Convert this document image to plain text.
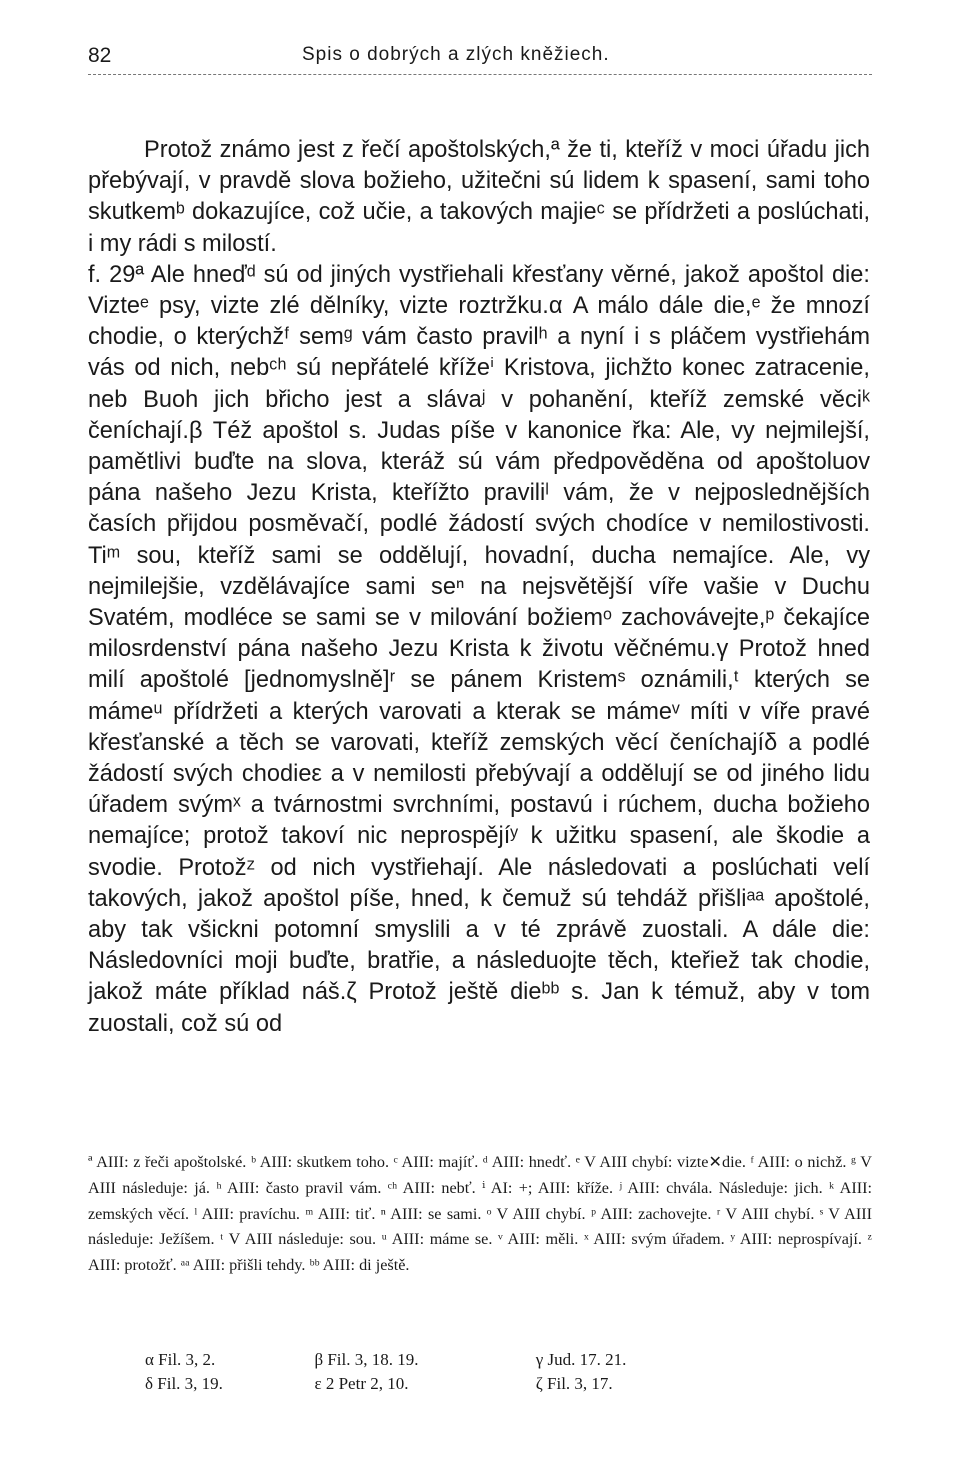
82	Spis o dobrých a zlých kněžiech.

Protož známo jest z řečí apoštolských,ª že ti, kteříž v moci úřadu jich přebývají, v pravdě slova božieho, užitečni sú lidem k spasení, sami toho skutkemᵇ dokazujíce, což učie, a takových majieᶜ se přídržeti a poslúchati, i my rádi s milostí.

f. 29ª Ale hneďᵈ sú od jiných vystřiehali křesťany věrné, jakož apoštol die: Vizteᵉ psy, vizte zlé dělníky, vizte roztržku.α A málo dále die,ᵉ že mnozí chodie, o kterýchžᶠ semᵍ vám často pravilʰ a nyní i s pláčem vystřiehám vás od nich, nebᶜʰ sú nepřátelé křížeⁱ Kristova, jichžto konec zatracenie, neb Buoh jich břicho jest a slávaʲ v pohanění, kteříž zemské věciᵏ čeníchají.β Též apoštol s. Judas píše v kanonice řka: Ale, vy nejmilejší, pamětlivi buďte na slova, kteráž sú vám předpověděna od apoštoluov pána našeho Jezu Krista, kteřížto praviliˡ vám, že v nejposlednějších časích přijdou posměvačí, podlé žádostí svých chodíce v nemilostivosti. Tiᵐ sou, kteříž sami se oddělují, hovadní, ducha nemajíce. Ale, vy nejmilejšie, vzdělávajíce sami seⁿ na nejsvětější víře vašie v Duchu Svatém, modléce se sami se v milování božiemᵒ zachovávejte,ᵖ čekajíce milosrdenství pána našeho Jezu Krista k životu věčnému.γ Protož hned milí apoštolé [jednomyslně]ʳ se pánem Kristemˢ oznámili,ᵗ kterých se mámeᵘ přídržeti a kterých varovati a kterak se mámeᵛ míti v víře pravé křesťanské a těch se varovati, kteříž zemských věcí čeníchajíδ a podlé žádostí svých chodieε a v nemilosti přebývají a oddělují se od jiného lidu úřadem svýmˣ a tvárnostmi svrchními, postavú i rúchem, ducha božieho nemajíce; protož takoví nic neprospějíʸ k užitku spasení, ale škodie a svodie. Protožᶻ od nich vystřiehají. Ale následovati a poslúchati velí takových, jakož apoštol píše, hned, k čemuž sú tehdáž přišliᵃᵃ apoštolé, aby tak všickni potomní smyslili a v té zprávě zuostali. A dále die: Následovníci moji buďte, bratřie, a následuojte těch, kteřiež tak chodie, jakož máte příklad náš.ζ Protož ještě dieᵇᵇ s. Jan k témuž, aby v tom zuostali, což sú od

ª AIII: z řeči apoštolské. ᵇ AIII: skutkem toho. ᶜ AIII: majíť. ᵈ AIII: hnedť. ᵉ V AIII chybí: vizte✕die. ᶠ AIII: o nichž. ᵍ V AIII následuje: já. ʰ AIII: často pravil vám. ᶜʰ AIII: nebť. ⁱ AI: +; AIII: kříže. ʲ AIII: chvála. Následuje: jich. ᵏ AIII: zemských věcí. ˡ AIII: pravíchu. ᵐ AIII: tiť. ⁿ AIII: se sami. ᵒ V AIII chybí. ᵖ AIII: zachovejte. ʳ V AIII chybí. ˢ V AIII následuje: Ježíšem. ᵗ V AIII následuje: sou. ᵘ AIII: máme se. ᵛ AIII: měli. ˣ AIII: svým úřadem. ʸ AIII: neprospívají. ᶻ AIII: protožť. ᵃᵃ AIII: přišli tehdy. ᵇᵇ AIII: di ještě.

α Fil. 3, 2.	β Fil. 3, 18. 19.	γ Jud. 17. 21.
δ Fil. 3, 19.	ε 2 Petr 2, 10.	ζ Fil. 3, 17.
